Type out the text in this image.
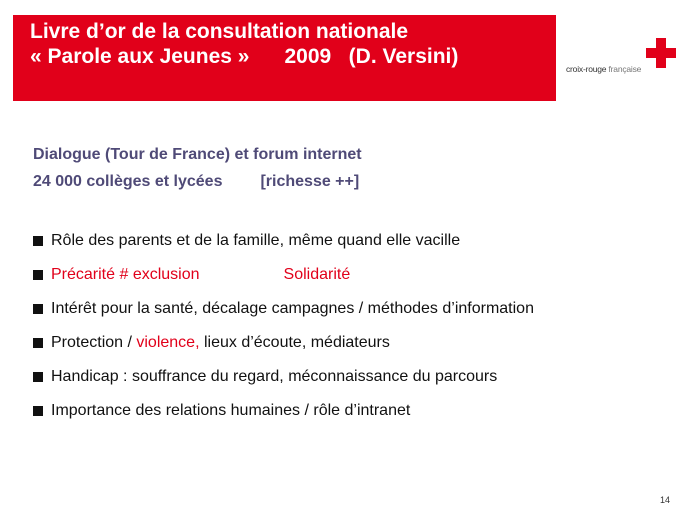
Livre d’or de la consultation nationale
« Parole aux Jeunes »      2009   (D. Versini)
croix-rouge française
Dialogue (Tour de France) et forum internet
24 000 collèges et lycées [richesse ++]

Rôle des parents et de la famille, même quand elle vacille

Précarité # exclusion	Solidarité

Intérêt pour la santé, décalage campagnes / méthodes d’information

Protection / violence, lieux d’écoute, médiateurs

Handicap : souffrance du regard, méconnaissance du parcours

Importance des relations humaines / rôle d’intranet

14
